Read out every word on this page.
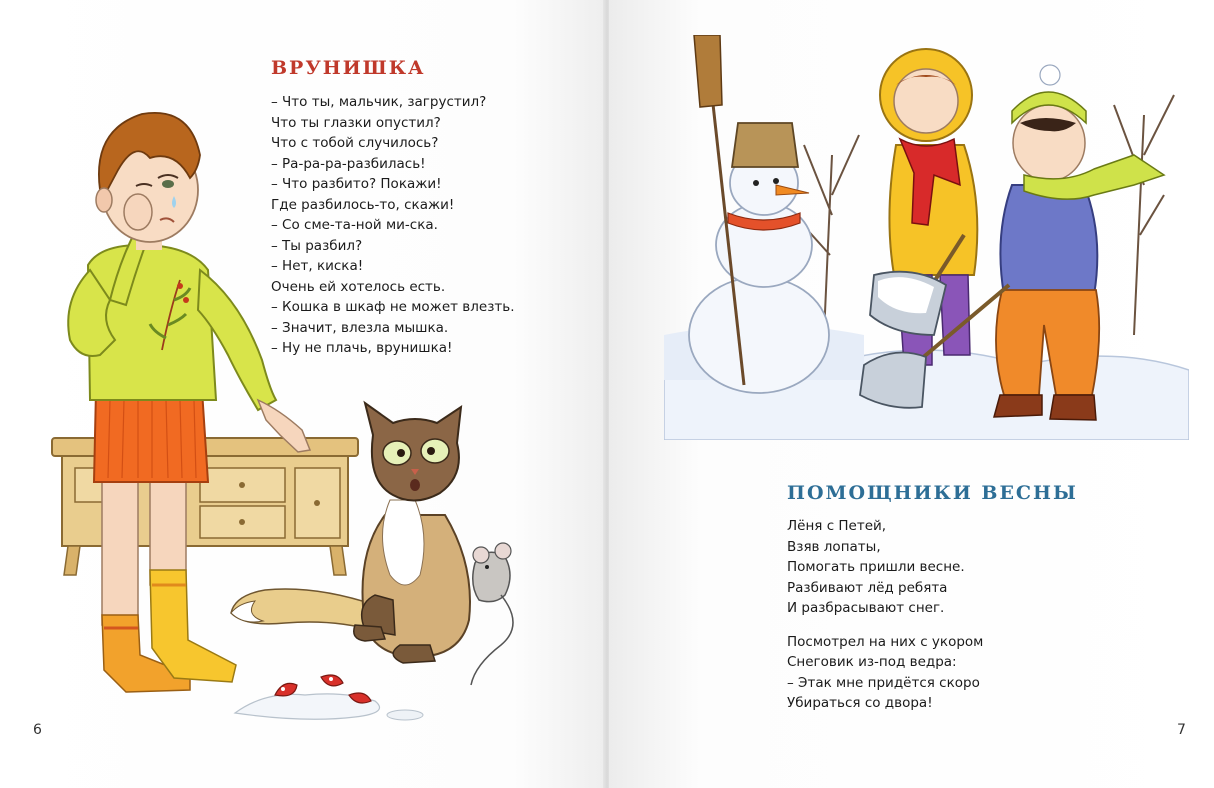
ВРУНИШКА
– Что ты, мальчик, загрустил?
Что ты глазки опустил?
Что с тобой случилось?
– Ра-ра-ра-разбилась!
– Что разбито? Покажи!
Где разбилось-то, скажи!
– Со сме-та-ной ми-ска.
– Ты разбил?
– Нет, киска!
Очень ей хотелось есть.
– Кошка в шкаф не может влезть.
– Значит, влезла мышка.
– Ну не плачь, врунишка!

6

ПОМОЩНИКИ ВЕСНЫ
Лёня с Петей,
Взяв лопаты,
Помогать пришли весне.
Разбивают лёд ребята
И разбрасывают снег.
Посмотрел на них с укором
Снеговик из-под ведра:
– Этак мне придётся скоро
Убираться со двора!

7
